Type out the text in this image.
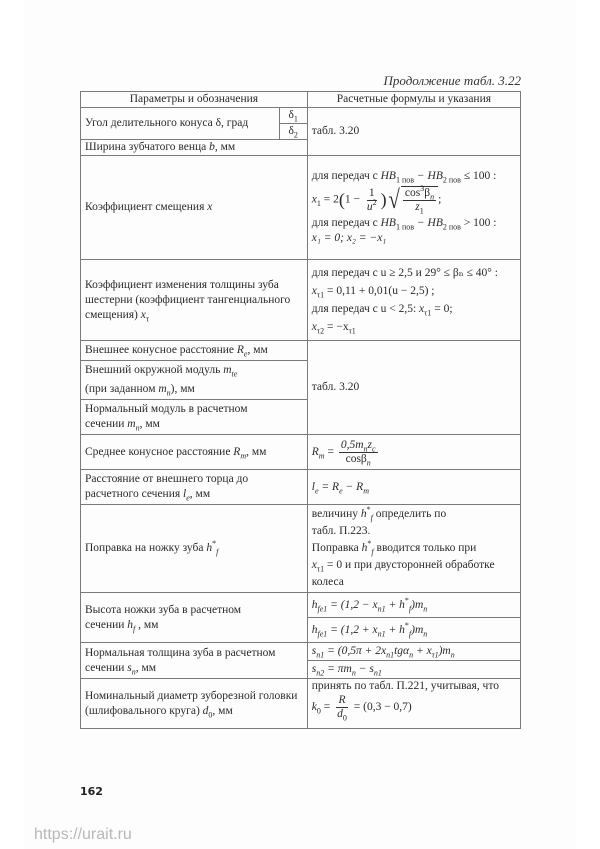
Продолжение табл. 3.22
Параметры и обозначения		Расчетные формулы и указания
Угол делительного конуса δ, град	$\delta_1$	табл. 3.20
	$\delta_2$
Ширина зубчатого венца b, мм		
Коэффициент смещения x	
для передач с $HB_{1 пов} - HB_{2 пов} \le 100$ :
$x_1 = 2(1 - \frac{1}{u^2}$ ) √ $\frac{\cos^3\beta_n}{z_1}$ ;
для передач с $HB_{1 пов} - HB_{2 пов} > 100$ :
x₁ = 0; x₂ = −x₁

Коэффициент изменения толщины зуба
шестерни (коэффициент тангенциального
смещения) $x_\tau$		для передач с u ≥ 2,5 и 29° ≤ βₙ ≤ 40° :
$x_{\tau 1} = 0,11 + 0,01(u - 2,5)$ ;
для передач с u < 2,5: $x_{\tau 1} = 0$;
$x_{\tau 2} = -x_{\tau 1}$

Внешнее конусное расстояние $R_e$, мм		табл. 3.20

Внешний окружной модуль $m_{te}$
(при заданном $m_n$), мм		

Нормальный модуль в расчетном
сечении $m_n$, мм		

Среднее конусное расстояние $R_m$, мм		$R_m = \frac{0,5m_nz_c}{\cos\beta_n}$

Расстояние от внешнего торца до
расчетного сечения $l_e$, мм		$l_e = R_e - R_m$
Поправка на ножку зуба $h^*_f$		величину $h^*_f$ определить по
табл. П.223.
Поправка $h^*_f$ вводится только при
$x_{\tau 1} = 0$ и при двусторонней обработке
колеса

Высота ножки зуба в расчетном
сечении $h_f$ , мм		$h_{fe1} = (1,2 - x_{n1} + h^*_f)m_n$
		$h_{fe1} = (1,2 + x_{n1} + h^*_f)m_n$

Нормальная толщина зуба в расчетном
сечении $s_n$, мм		$s_{n1} = (0,5\pi + 2x_{n1}tg\alpha_n + x_{\tau 1})m_n$
		$s_{n2} = \pi m_n - s_{n1}$

Номинальный диаметр зуборезной головки
(шлифовального круга) $d_0$, мм		принять по табл. П.221, учитывая, что
$k_0 = \frac{R}{d_0} = (0,3 - 0,7)$
162
https://urait.ru
